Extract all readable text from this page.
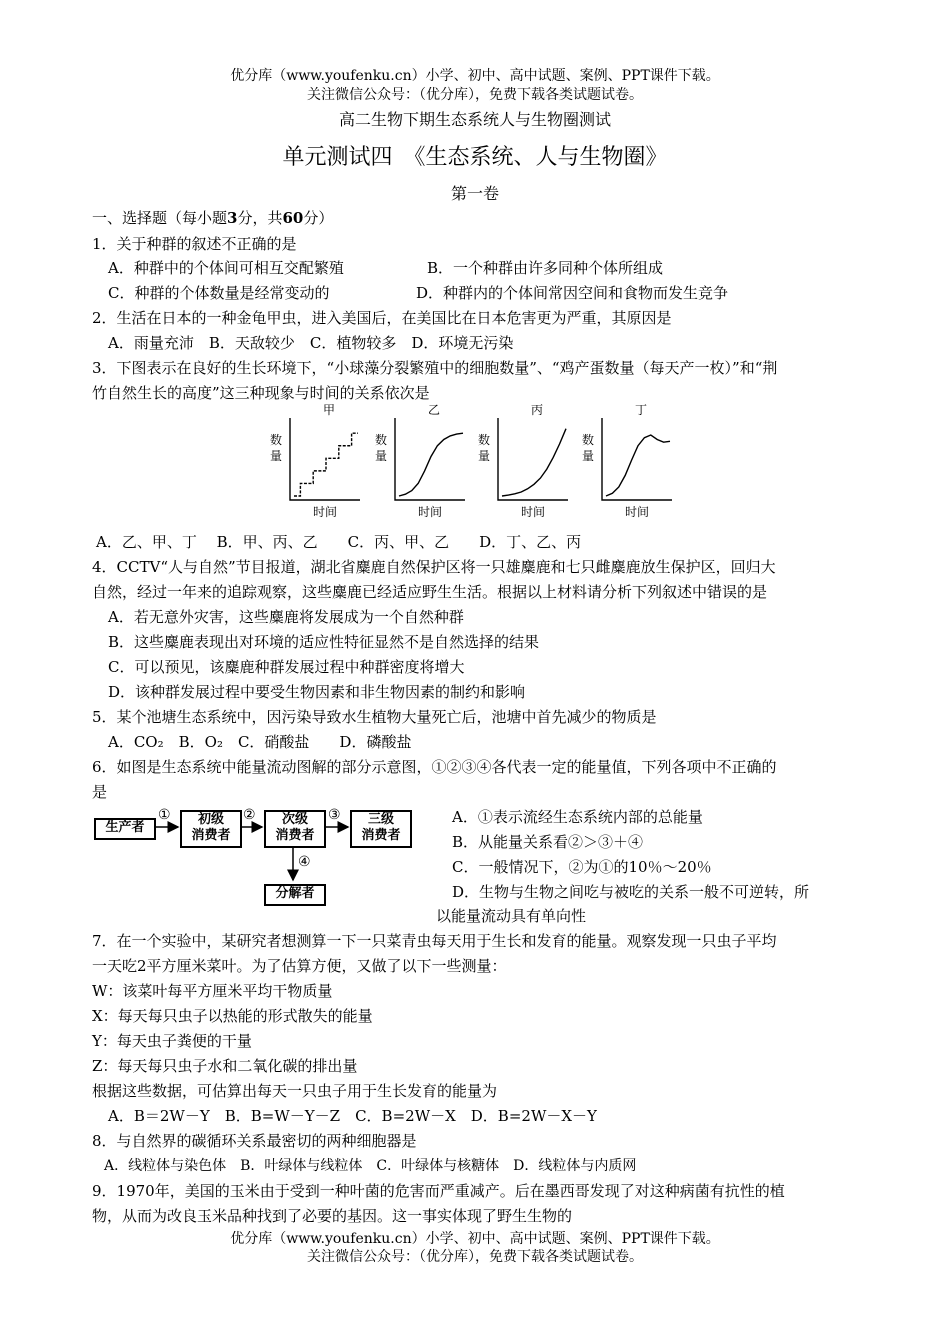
优分库（www.youfenku.cn）小学、初中、高中试题、案例、PPT课件下载。
关注微信公众号：（优分库），免费下载各类试题试卷。
高二生物下期生态系统人与生物圈测试
单元测试四　《生态系统、人与生物圈》
第一卷
一、选择题（每小题3分，共60分）
1．关于种群的叙述不正确的是
A．种群中的个体间可相互交配繁殖	B．一个种群由许多同种个体所组成
C．种群的个体数量是经常变动的	D．种群内的个体间常因空间和食物而发生竞争
2．生活在日本的一种金龟甲虫，进入美国后，在美国比在日本危害更为严重，其原因是
A．雨量充沛　B．天敌较少　C．植物较多　D．环境无污染
3．下图表示在良好的生长环境下，“小球藻分裂繁殖中的细胞数量”、“鸡产蛋数量（每天产一枚）”和“荆
竹自然生长的高度”这三种现象与时间的关系依次是
数
量
甲
时间
数
量
乙
时间
数
量
丙
时间
数
量
丁
时间
A．乙、甲、丁　 B．甲、丙、乙　　C．丙、甲、乙　　D．丁、乙、丙
4．CCTV“人与自然”节目报道，湖北省麋鹿自然保护区将一只雄麋鹿和七只雌麋鹿放生保护区，回归大
自然，经过一年来的追踪观察，这些麋鹿已经适应野生生活。根据以上材料请分析下列叙述中错误的是
A．若无意外灾害，这些麋鹿将发展成为一个自然种群
B．这些麋鹿表现出对环境的适应性特征显然不是自然选择的结果
C．可以预见，该麋鹿种群发展过程中种群密度将增大
D．该种群发展过程中要受生物因素和非生物因素的制约和影响
5．某个池塘生态系统中，因污染导致水生植物大量死亡后，池塘中首先减少的物质是
A．CO₂　B．O₂　C．硝酸盐　　D．磷酸盐
6．如图是生态系统中能量流动图解的部分示意图，①②③④各代表一定的能量值，下列各项中不正确的
是
生产者
初级
消费者
次级
消费者
三级
消费者
分解者
①	②	③
④
A．①表示流经生态系统内部的总能量
B．从能量关系看②＞③＋④
C．一般情况下，②为①的10％～20％
D．生物与生物之间吃与被吃的关系一般不可逆转，所
以能量流动具有单向性
7．在一个实验中，某研究者想测算一下一只菜青虫每天用于生长和发育的能量。观察发现一只虫子平均
一天吃2平方厘米菜叶。为了估算方便，又做了以下一些测量：
W：该菜叶每平方厘米平均干物质量
X：每天每只虫子以热能的形式散失的能量
Y：每天虫子粪便的干量
Z：每天每只虫子水和二氧化碳的排出量
根据这些数据，可估算出每天一只虫子用于生长发育的能量为
A．B＝2W－Y　B．B=W－Y－Z　C．B=2W－X　D．B=2W－X－Y
8．与自然界的碳循环关系最密切的两种细胞器是
A．线粒体与染色体　B．叶绿体与线粒体　C．叶绿体与核糖体　D．线粒体与内质网
9．1970年，美国的玉米由于受到一种叶菌的危害而严重减产。后在墨西哥发现了对这种病菌有抗性的植
物，从而为改良玉米品种找到了必要的基因。这一事实体现了野生生物的
优分库（www.youfenku.cn）小学、初中、高中试题、案例、PPT课件下载。
关注微信公众号：（优分库），免费下载各类试题试卷。
